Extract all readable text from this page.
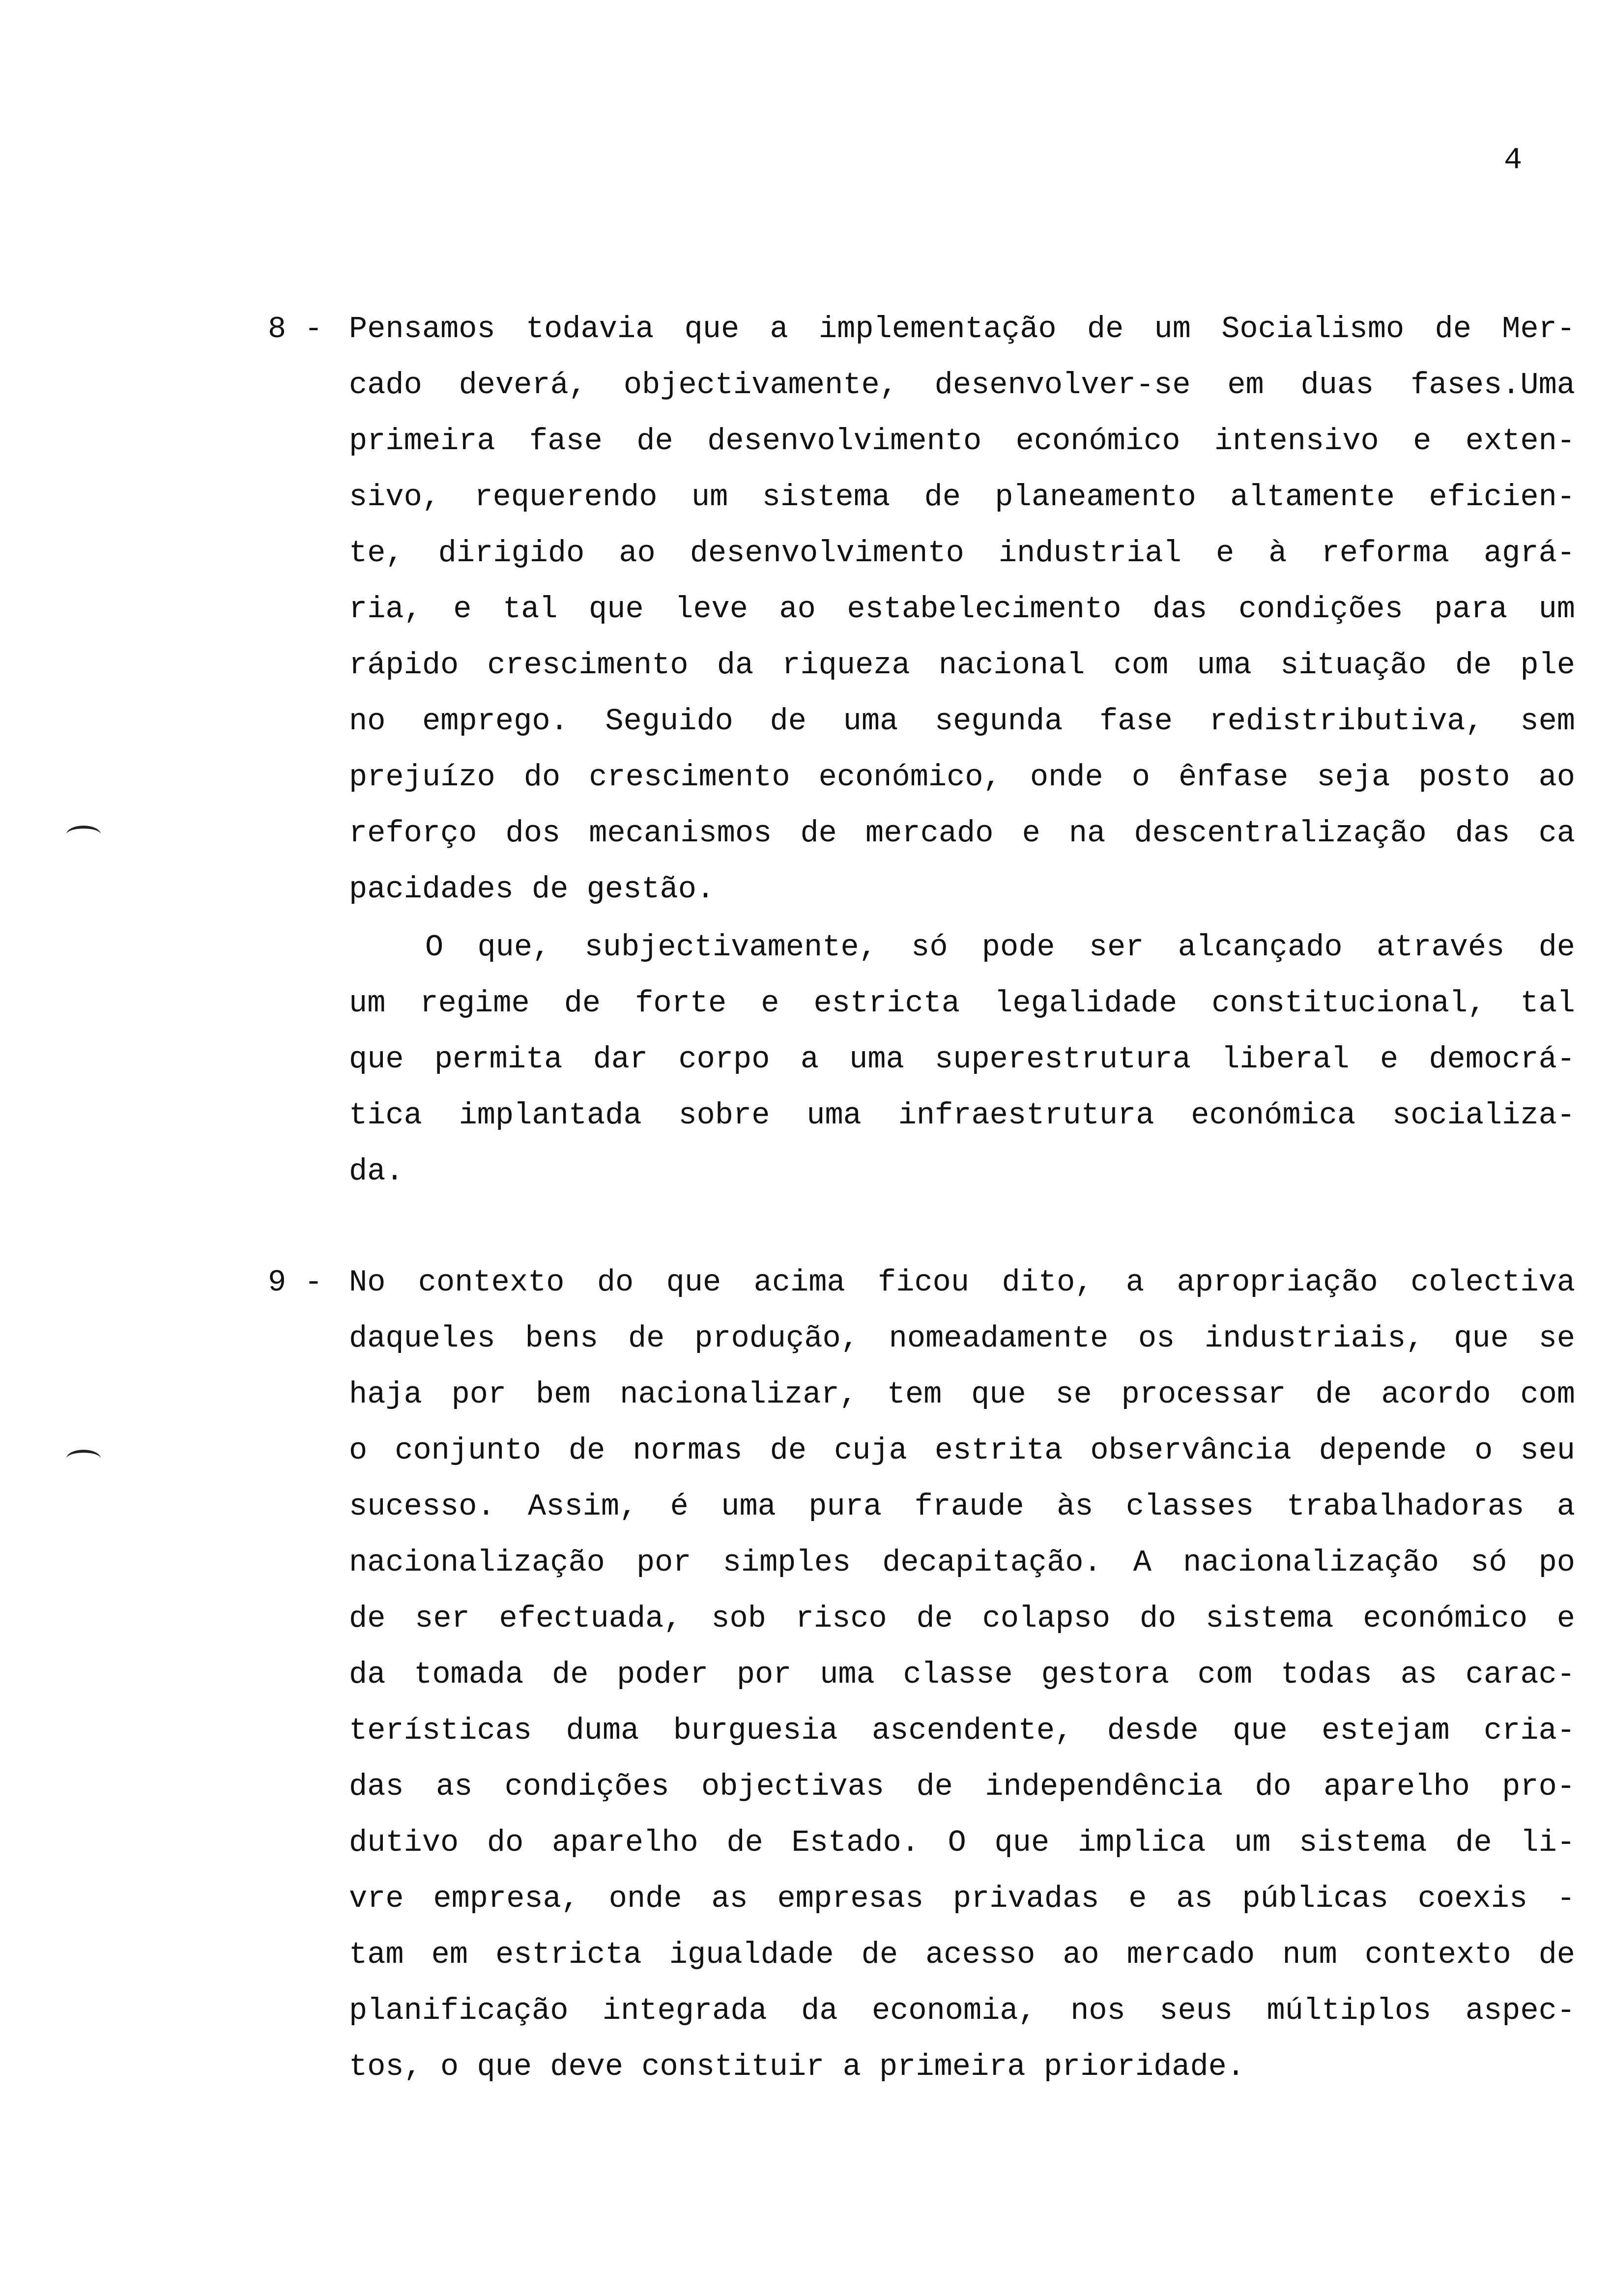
4
8 - Pensamos todavia que a implementação de um Socialismo de Mer-
cado deverá, objectivamente, desenvolver-se em duas fases.Uma
primeira fase de desenvolvimento económico intensivo e exten-
sivo, requerendo um sistema de planeamento altamente eficien-
te, dirigido ao desenvolvimento industrial e à reforma agrá-
ria, e tal que leve ao estabelecimento das condições para um
rápido crescimento da riqueza nacional com uma situação de ple
no emprego. Seguido de uma segunda fase redistributiva, sem
prejuízo do crescimento económico, onde o ênfase seja posto ao
reforço dos mecanismos de mercado e na descentralização das ca
pacidades de gestão.
O que, subjectivamente, só pode ser alcançado através de
um regime de forte e estricta legalidade constitucional, tal
que permita dar corpo a uma superestrutura liberal e democrá-
tica implantada sobre uma infraestrutura económica socializa-
da.
9 - No contexto do que acima ficou dito, a apropriação colectiva
daqueles bens de produção, nomeadamente os industriais, que se
haja por bem nacionalizar, tem que se processar de acordo com
o conjunto de normas de cuja estrita observância depende o seu
sucesso. Assim, é uma pura fraude às classes trabalhadoras a
nacionalização por simples decapitação. A nacionalização só po
de ser efectuada, sob risco de colapso do sistema económico e
da tomada de poder por uma classe gestora com todas as carac-
terísticas duma burguesia ascendente, desde que estejam cria-
das as condições objectivas de independência do aparelho pro-
dutivo do aparelho de Estado. O que implica um sistema de li-
vre empresa, onde as empresas privadas e as públicas coexis -
tam em estricta igualdade de acesso ao mercado num contexto de
planificação integrada da economia, nos seus múltiplos aspec-
tos, o que deve constituir a primeira prioridade.
